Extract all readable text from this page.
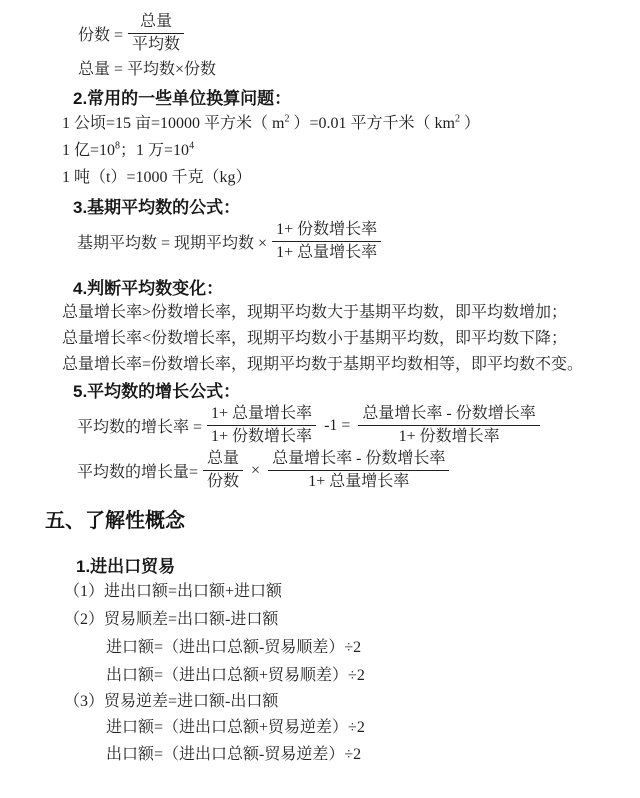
份数 = $\frac{\text{总量}}{\text{平均数}}$
总量 = 平均数×份数
2.常用的一些单位换算问题：
1 公顷=15 亩=10000 平方米（ $m^2$ ）=0.01 平方千米（ $km^2$ ）
1 亿$=10^8$；1 万$=10^4$
1 吨（t）=1000 千克（kg）
3.基期平均数的公式：
基期平均数 = 现期平均数 × $\frac{\text{1+ 份数增长率}}{\text{1+ 总量增长率}}$
4.判断平均数变化：
总量增长率>份数增长率，现期平均数大于基期平均数，即平均数增加；
总量增长率<份数增长率，现期平均数小于基期平均数，即平均数下降；
总量增长率=份数增长率，现期平均数于基期平均数相等，即平均数不变。
5.平均数的增长公式：
平均数的增长率 = $\frac{\text{1+ 总量增长率}}{\text{1+ 份数增长率}} -1 = \frac{\text{总量增长率 - 份数增长率}}{\text{1+ 份数增长率}}$
平均数的增长量= $\frac{\text{总量}}{\text{份数}} \times \frac{\text{总量增长率 - 份数增长率}}{\text{1+ 总量增长率}}$
五、了解性概念
1.进出口贸易
（1）进出口额=出口额+进口额
（2）贸易顺差=出口额-进口额
进口额=（进出口总额-贸易顺差）÷2
出口额=（进出口总额+贸易顺差）÷2
（3）贸易逆差=进口额-出口额
进口额=（进出口总额+贸易逆差）÷2
出口额=（进出口总额-贸易逆差）÷2
